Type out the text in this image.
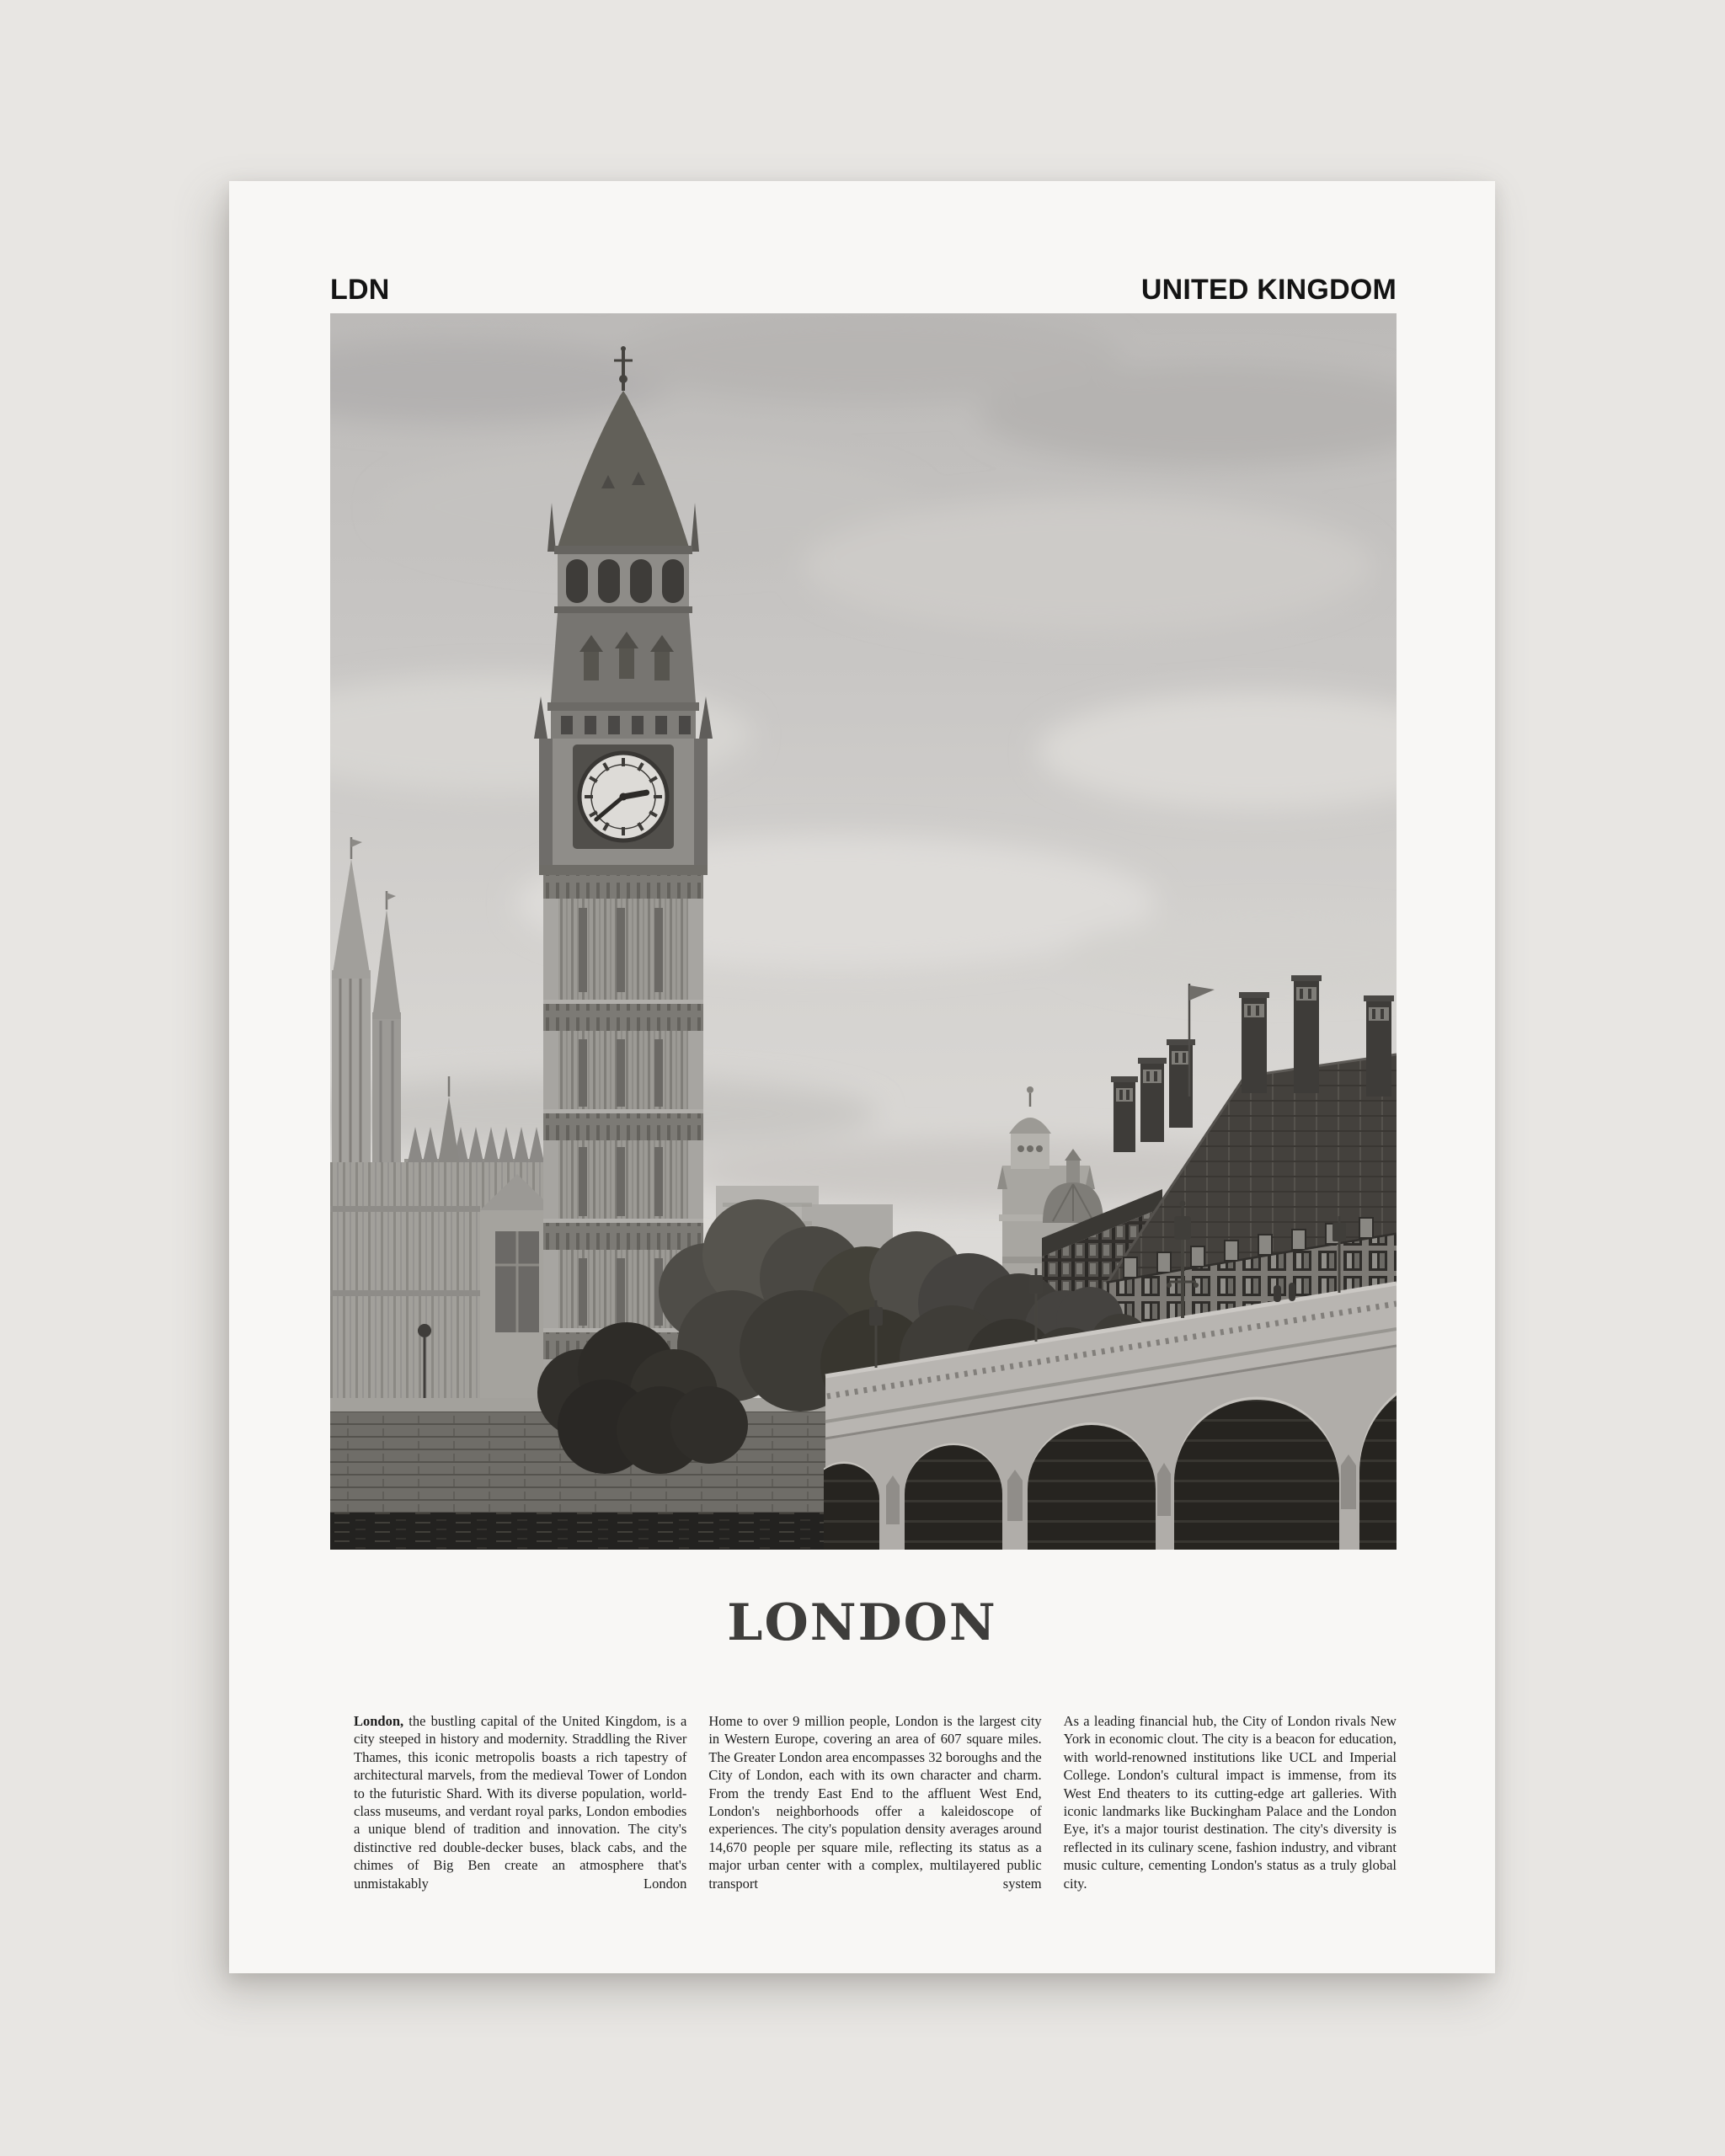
LDN	UNITED KINGDOM
LONDON

London, the bustling capital of the United Kingdom, is a city steeped in history and modernity. Straddling the River Thames, this iconic metropolis boasts a rich tapestry of architectural marvels, from the medieval Tower of London to the futuristic Shard. With its diverse population, world-class museums, and verdant royal parks, London embodies a unique blend of tradition and innovation. The city's distinctive red double-decker buses, black cabs, and the chimes of Big Ben create an atmosphere that's unmistakably London

Home to over 9 million people, London is the largest city in Western Europe, covering an area of 607 square miles. The Greater London area encompasses 32 boroughs and the City of London, each with its own character and charm. From the trendy East End to the affluent West End, London's neighborhoods offer a kaleidoscope of experiences. The city's population density averages around 14,670 people per square mile, reflecting its status as a major urban center with a complex, multilayered public transport system

As a leading financial hub, the City of London rivals New York in economic clout. The city is a beacon for education, with world-renowned institutions like UCL and Imperial College. London's cultural impact is immense, from its West End theaters to its cutting-edge art galleries. With iconic landmarks like Buckingham Palace and the London Eye, it's a major tourist destination. The city's diversity is reflected in its culinary scene, fashion industry, and vibrant music culture, cementing London's status as a truly global city.
